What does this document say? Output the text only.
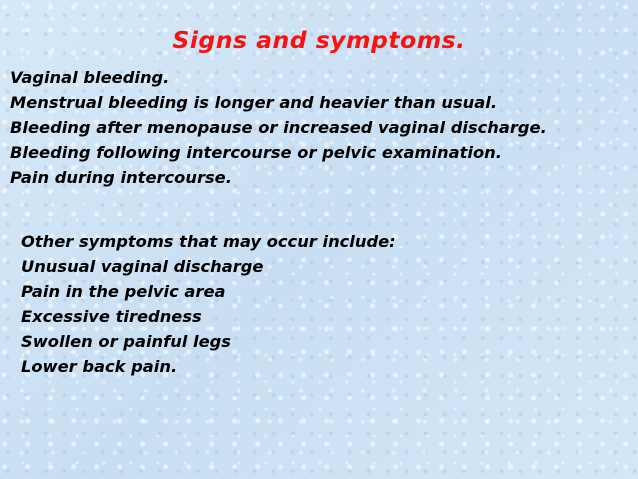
Signs and symptoms.
Vaginal bleeding.
Menstrual bleeding is longer and heavier than usual.
Bleeding after menopause or increased vaginal discharge.
Bleeding following intercourse or pelvic examination.
Pain during intercourse.
Other symptoms that may occur include:
Unusual vaginal discharge
Pain in the pelvic area
Excessive tiredness
Swollen or painful legs
Lower back pain.
